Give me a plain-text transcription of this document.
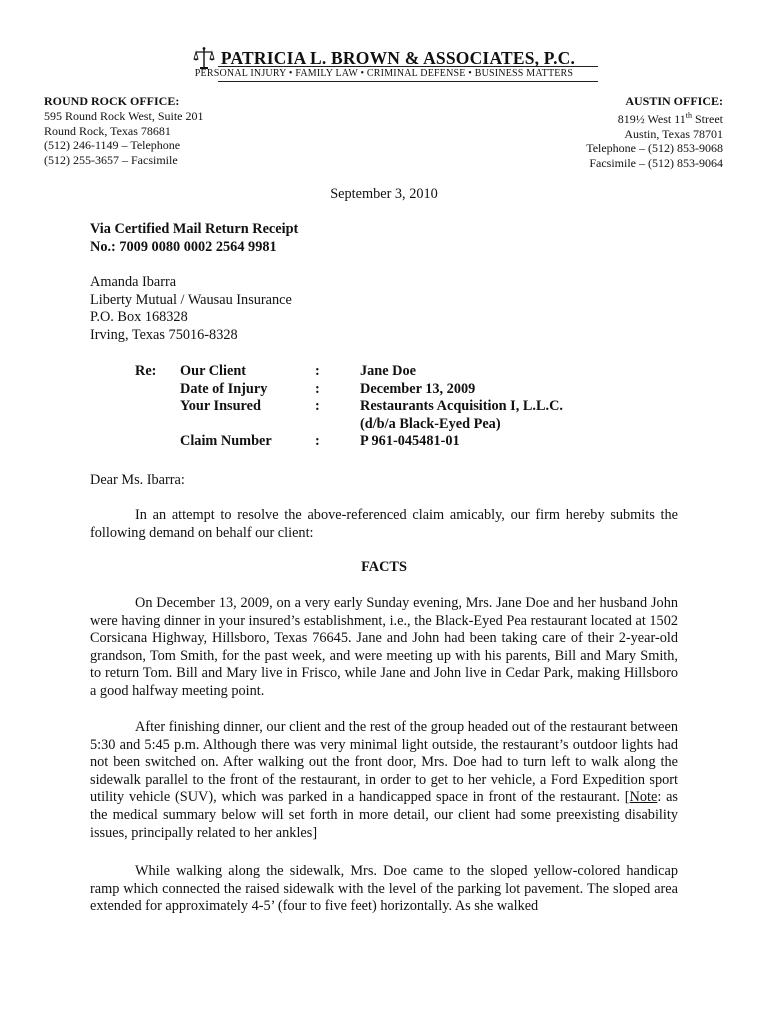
PATRICIA L. BROWN & ASSOCIATES, P.C.
PERSONAL INJURY • FAMILY LAW • CRIMINAL DEFENSE • BUSINESS MATTERS
ROUND ROCK OFFICE:
595 Round Rock West, Suite 201
Round Rock, Texas 78681
(512) 246-1149 – Telephone
(512) 255-3657 – Facsimile
AUSTIN OFFICE:
819½ West 11th Street
Austin, Texas 78701
Telephone – (512) 853-9068
Facsimile – (512) 853-9064
September 3, 2010
Via Certified Mail Return Receipt
No.: 7009 0080 0002 2564 9981
Amanda Ibarra
Liberty Mutual / Wausau Insurance
P.O. Box 168328
Irving, Texas 75016-8328
Re:	Our Client	:	Jane Doe
	Date of Injury	:	December 13, 2009
	Your Insured	:	Restaurants Acquisition I, L.L.C.
			(d/b/a Black-Eyed Pea)
	Claim Number	:	P 961-045481-01
Dear Ms. Ibarra:
In an attempt to resolve the above-referenced claim amicably, our firm hereby submits the following demand on behalf our client:
FACTS
On December 13, 2009, on a very early Sunday evening, Mrs. Jane Doe and her husband John were having dinner in your insured’s establishment, i.e., the Black-Eyed Pea restaurant located at 1502 Corsicana Highway, Hillsboro, Texas 76645. Jane and John had been taking care of their 2-year-old grandson, Tom Smith, for the past week, and were meeting up with his parents, Bill and Mary Smith, to return Tom. Bill and Mary live in Frisco, while Jane and John live in Cedar Park, making Hillsboro a good halfway meeting point.
After finishing dinner, our client and the rest of the group headed out of the restaurant between 5:30 and 5:45 p.m. Although there was very minimal light outside, the restaurant’s outdoor lights had not been switched on. After walking out the front door, Mrs. Doe had to turn left to walk along the sidewalk parallel to the front of the restaurant, in order to get to her vehicle, a Ford Expedition sport utility vehicle (SUV), which was parked in a handicapped space in front of the restaurant. [Note: as the medical summary below will set forth in more detail, our client had some preexisting disability issues, principally related to her ankles]
While walking along the sidewalk, Mrs. Doe came to the sloped yellow-colored handicap ramp which connected the raised sidewalk with the level of the parking lot pavement. The sloped area extended for approximately 4-5’ (four to five feet) horizontally. As she walked
